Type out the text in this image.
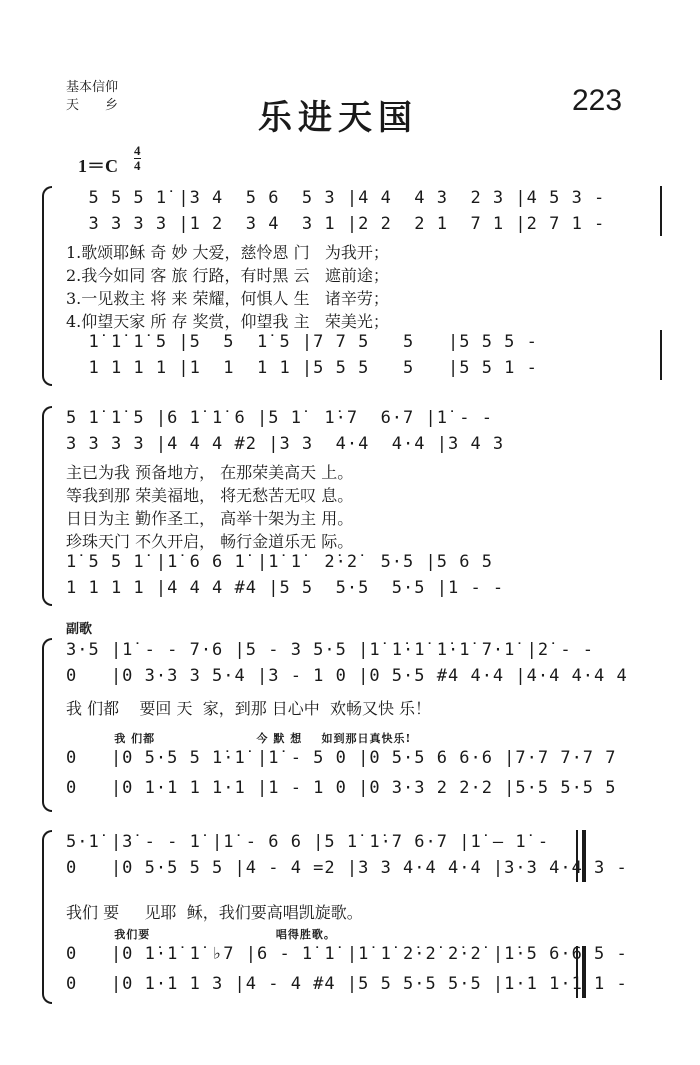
基本信仰
天　　乡	乐进天国	223
1＝C
4
4
5 5 5 1̇ |3 4  5 6  5 3 |4 4  4 3  2 3 |4 5 3 -
3 3 3 3 |1 2  3 4  3 1 |2 2  2 1  7 1 |2 7 1 -
1.歌颂耶稣 奇 妙 大爱，慈怜恩 门   为我开；
2.我今如同 客 旅 行路，有时黑 云   遮前途；
3.一见救主 将 来 荣耀，何惧人 生   诸辛劳；
4.仰望天家 所 存 奖赏，仰望我 主   荣美光；
1̇ 1̇ 1̇ 5 |5  5  1̇ 5 |7 7 5   5   |5 5 5 -
1 1 1 1 |1  1  1 1 |5 5 5   5   |5 5 1 -
5 1̇ 1̇ 5 |6 1̇ 1̇ 6 |5 1̇  1̇·7  6·7 |1̇ - -
3 3 3 3 |4 4 4 #2 |3 3  4·4  4·4 |3 4 3
主已为我 预备地方， 在那荣美高天 上。
等我到那 荣美福地， 将无愁苦无叹 息。
日日为主 勤作圣工， 高举十架为主 用。
珍珠天门 不久开启， 畅行金道乐无 际。
1̇ 5 5 1̇ |1̇ 6 6 1̇ |1̇ 1̇  2̇·2̇  5·5 |5 6 5
1 1 1 1 |4 4 4 #4 |5 5  5·5  5·5 |1 - -
副歌
3·5 |1̇ - - 7·6 |5 - 3 5·5 |1̇ 1̇·1̇ 1̇·1̇ 7·1̇ |2̇ - -
0   |0 3·3 3 5·4 |3 - 1 0 |0 5·5 #4 4·4 |4·4 4·4 4
我 们都    要回 天  家，到那 日心中  欢畅又快 乐！
我 们都                     今 默 想    如到那日真快乐!
0   |0 5·5 5 1̇·1̇ |1̇ - 5 0 |0 5·5 6 6·6 |7·7 7·7 7
0   |0 1·1 1 1·1 |1 - 1 0 |0 3·3 2 2·2 |5·5 5·5 5
5·1̇ |3̇ - - 1̇ |1̇ - 6 6 |5 1̇ 1̇·7 6·7 |1̇ — 1̇ -
0   |0 5·5 5 5 |4 - 4 =2 |3 3 4·4 4·4 |3·3 4·4 3 -
我们 要     见耶  稣，我们要高唱凯旋歌。
我们要                          唱得胜歌。
0   |0 1̇·1̇ 1̇ ♭7 |6 - 1̇ 1̇ |1̇ 1̇ 2̇·2̇ 2̇·2̇ |1̇·5 6·6 5 -
0   |0 1·1 1 3 |4 - 4 #4 |5 5 5·5 5·5 |1·1 1·1 1 -
